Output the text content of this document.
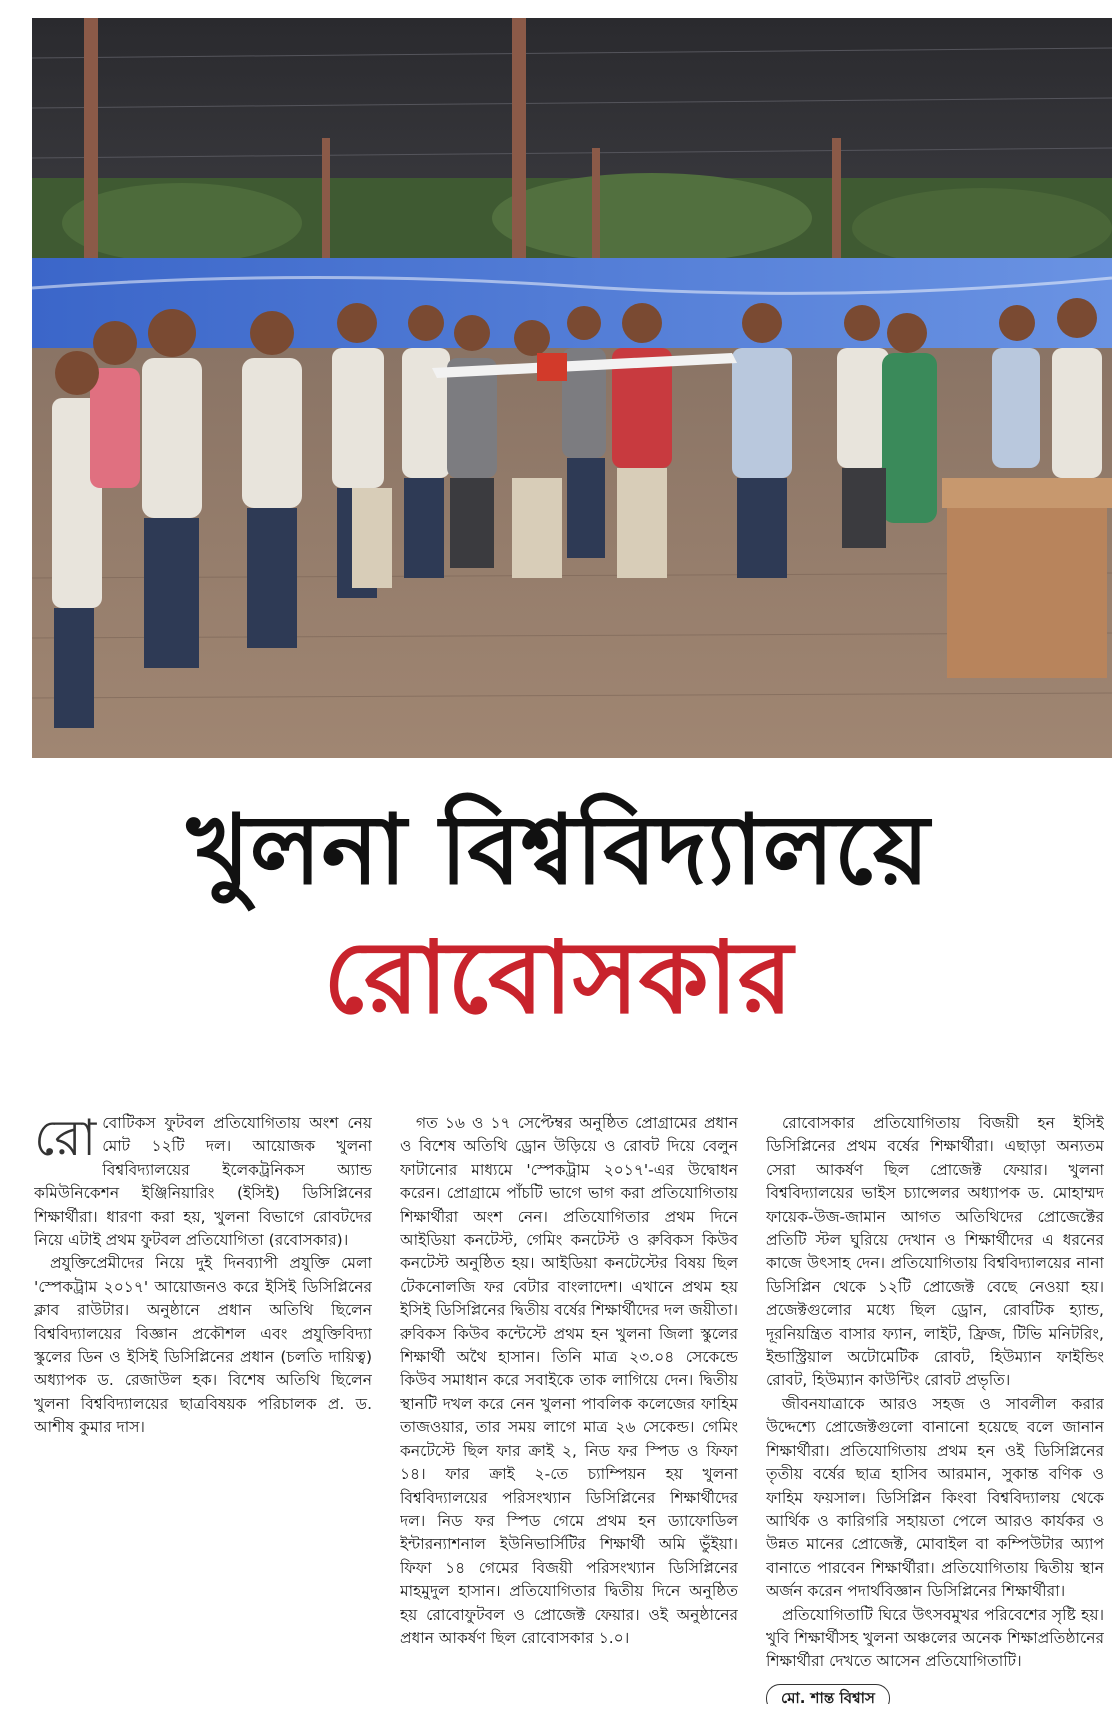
খুলনা বিশ্ববিদ্যালয়ে
রোবোসকার

রোবোটিকস ফুটবল প্রতিযোগিতায় অংশ নেয় মোট ১২টি দল। আয়োজক খুলনা বিশ্ববিদ্যালয়ের ইলেকট্রনিকস অ্যান্ড কমিউনিকেশন ইঞ্জিনিয়ারিং (ইসিই) ডিসিপ্লিনের শিক্ষার্থীরা। ধারণা করা হয়, খুলনা বিভাগে রোবটদের নিয়ে এটাই প্রথম ফুটবল প্রতিযোগিতা (রবোসকার)।

প্রযুক্তিপ্রেমীদের নিয়ে দুই দিনব্যাপী প্রযুক্তি মেলা 'স্পেকট্রাম ২০১৭' আয়োজনও করে ইসিই ডিসিপ্লিনের ক্লাব রাউটার। অনুষ্ঠানে প্রধান অতিথি ছিলেন বিশ্ববিদ্যালয়ের বিজ্ঞান প্রকৌশল এবং প্রযুক্তিবিদ্যা স্কুলের ডিন ও ইসিই ডিসিপ্লিনের প্রধান (চলতি দায়িত্ব) অধ্যাপক ড. রেজাউল হক। বিশেষ অতিথি ছিলেন খুলনা বিশ্ববিদ্যালয়ের ছাত্রবিষয়ক পরিচালক প্র. ড. আশীষ কুমার দাস।

গত ১৬ ও ১৭ সেপ্টেম্বর অনুষ্ঠিত প্রোগ্রামের প্রধান ও বিশেষ অতিথি ড্রোন উড়িয়ে ও রোবট দিয়ে বেলুন ফাটানোর মাধ্যমে 'স্পেকট্রাম ২০১৭'-এর উদ্বোধন করেন। প্রোগ্রামে পাঁচটি ভাগে ভাগ করা প্রতিযোগিতায় শিক্ষার্থীরা অংশ নেন। প্রতিযোগিতার প্রথম দিনে আইডিয়া কনটেস্ট, গেমিং কনটেস্ট ও রুবিকস কিউব কনটেস্ট অনুষ্ঠিত হয়। আইডিয়া কনটেস্টের বিষয় ছিল টেকনোলজি ফর বেটার বাংলাদেশ। এখানে প্রথম হয় ইসিই ডিসিপ্লিনের দ্বিতীয় বর্ষের শিক্ষার্থীদের দল জয়ীতা। রুবিকস কিউব কন্টেস্টে প্রথম হন খুলনা জিলা স্কুলের শিক্ষার্থী অথৈ হাসান। তিনি মাত্র ২৩.০৪ সেকেন্ডে কিউব সমাধান করে সবাইকে তাক লাগিয়ে দেন। দ্বিতীয় স্থানটি দখল করে নেন খুলনা পাবলিক কলেজের ফাহিম তাজওয়ার, তার সময় লাগে মাত্র ২৬ সেকেন্ড। গেমিং কনটেস্টে ছিল ফার ক্রাই ২, নিড ফর স্পিড ও ফিফা ১৪। ফার ক্রাই ২-তে চ্যাম্পিয়ন হয় খুলনা বিশ্ববিদ্যালয়ের পরিসংখ্যান ডিসিপ্লিনের শিক্ষার্থীদের দল। নিড ফর স্পিড গেমে প্রথম হন ড্যাফোডিল ইন্টারন্যাশনাল ইউনিভার্সিটির শিক্ষার্থী অমি ভুঁইয়া। ফিফা ১৪ গেমের বিজয়ী পরিসংখ্যান ডিসিপ্লিনের মাহমুদুল হাসান। প্রতিযোগিতার দ্বিতীয় দিনে অনুষ্ঠিত হয় রোবোফুটবল ও প্রোজেক্ট ফেয়ার। ওই অনুষ্ঠানের প্রধান আকর্ষণ ছিল রোবোসকার ১.০।

রোবোসকার প্রতিযোগিতায় বিজয়ী হন ইসিই ডিসিপ্লিনের প্রথম বর্ষের শিক্ষার্থীরা। এছাড়া অন্যতম সেরা আকর্ষণ ছিল প্রোজেক্ট ফেয়ার। খুলনা বিশ্ববিদ্যালয়ের ভাইস চ্যান্সেলর অধ্যাপক ড. মোহাম্মদ ফায়েক-উজ-জামান আগত অতিথিদের প্রোজেক্টের প্রতিটি স্টল ঘুরিয়ে দেখান ও শিক্ষার্থীদের এ ধরনের কাজে উৎসাহ দেন। প্রতিযোগিতায় বিশ্ববিদ্যালয়ের নানা ডিসিপ্লিন থেকে ১২টি প্রোজেক্ট বেছে নেওয়া হয়। প্রজেক্টগুলোর মধ্যে ছিল ড্রোন, রোবটিক হ্যান্ড, দূরনিয়ন্ত্রিত বাসার ফ্যান, লাইট, ফ্রিজ, টিভি মনিটরিং, ইন্ডাস্ট্রিয়াল অটোমেটিক রোবট, হিউম্যান ফাইন্ডিং রোবট, হিউম্যান কাউন্টিং রোবট প্রভৃতি।

জীবনযাত্রাকে আরও সহজ ও সাবলীল করার উদ্দেশ্যে প্রোজেক্টগুলো বানানো হয়েছে বলে জানান শিক্ষার্থীরা। প্রতিযোগিতায় প্রথম হন ওই ডিসিপ্লিনের তৃতীয় বর্ষের ছাত্র হাসিব আরমান, সুকান্ত বণিক ও ফাহিম ফয়সাল। ডিসিপ্লিন কিংবা বিশ্ববিদ্যালয় থেকে আর্থিক ও কারিগরি সহায়তা পেলে আরও কার্যকর ও উন্নত মানের প্রোজেক্ট, মোবাইল বা কম্পিউটার অ্যাপ বানাতে পারবেন শিক্ষার্থীরা। প্রতিযোগিতায় দ্বিতীয় স্থান অর্জন করেন পদার্থবিজ্ঞান ডিসিপ্লিনের শিক্ষার্থীরা।

প্রতিযোগিতাটি ঘিরে উৎসবমুখর পরিবেশের সৃষ্টি হয়। খুবি শিক্ষার্থীসহ খুলনা অঞ্চলের অনেক শিক্ষাপ্রতিষ্ঠানের শিক্ষার্থীরা দেখতে আসেন প্রতিযোগিতাটি।

মো. শান্ত বিশ্বাস
